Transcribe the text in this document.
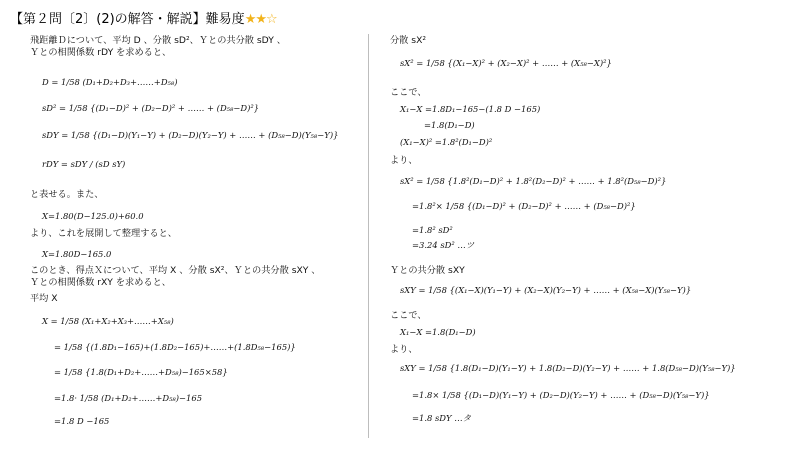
【第２問〔2〕(2)の解答・解説】難易度★★☆
飛距離Ｄについて、平均 D 、分散 sD²、Ｙとの共分散 sDY 、
Ｙとの相関係数 rDY を求めると、
D = 1/58 (D₁+D₂+D₃+……+D₅₈)
sD² = 1/58 {(D₁−D)² + (D₂−D)² + …… + (D₅₈−D)²}
sDY = 1/58 {(D₁−D)(Y₁−Y) + (D₂−D)(Y₂−Y) + …… + (D₅₈−D)(Y₅₈−Y)}
rDY = sDY / (sD sY)
と表せる。また、
X=1.80(D−125.0)+60.0
より、これを展開して整理すると、
X=1.80D−165.0
このとき、得点Ｘについて、平均 X 、分散 sX²、Ｙとの共分散 sXY 、
Ｙとの相関係数 rXY を求めると、
平均 X
X = 1/58 (X₁+X₂+X₃+……+X₅₈)
= 1/58 {(1.8D₁−165)+(1.8D₂−165)+……+(1.8D₅₈−165)}
= 1/58 {1.8(D₁+D₂+……+D₅₈)−165×58}
=1.8· 1/58 (D₁+D₂+……+D₅₈)−165
=1.8 D −165
分散 sX²
sX² = 1/58 {(X₁−X)² + (X₂−X)² + …… + (X₅₈−X)²}
ここで、
X₁−X =1.8D₁−165−(1.8 D −165)
=1.8(D₁−D)
(X₁−X)² =1.8²(D₁−D)²
より、
sX² = 1/58 {1.8²(D₁−D)² + 1.8²(D₂−D)² + …… + 1.8²(D₅₈−D)²}
=1.8²× 1/58 {(D₁−D)² + (D₂−D)² + …… + (D₅₈−D)²}
=1.8² sD²
=3.24 sD² …ツ
Ｙとの共分散 sXY
sXY = 1/58 {(X₁−X)(Y₁−Y) + (X₂−X)(Y₂−Y) + …… + (X₅₈−X)(Y₅₈−Y)}
ここで、
X₁−X =1.8(D₁−D)
より、
sXY = 1/58 {1.8(D₁−D)(Y₁−Y) + 1.8(D₂−D)(Y₂−Y) + …… + 1.8(D₅₈−D)(Y₅₈−Y)}
=1.8× 1/58 {(D₁−D)(Y₁−Y) + (D₂−D)(Y₂−Y) + …… + (D₅₈−D)(Y₅₈−Y)}
=1.8 sDY …タ
